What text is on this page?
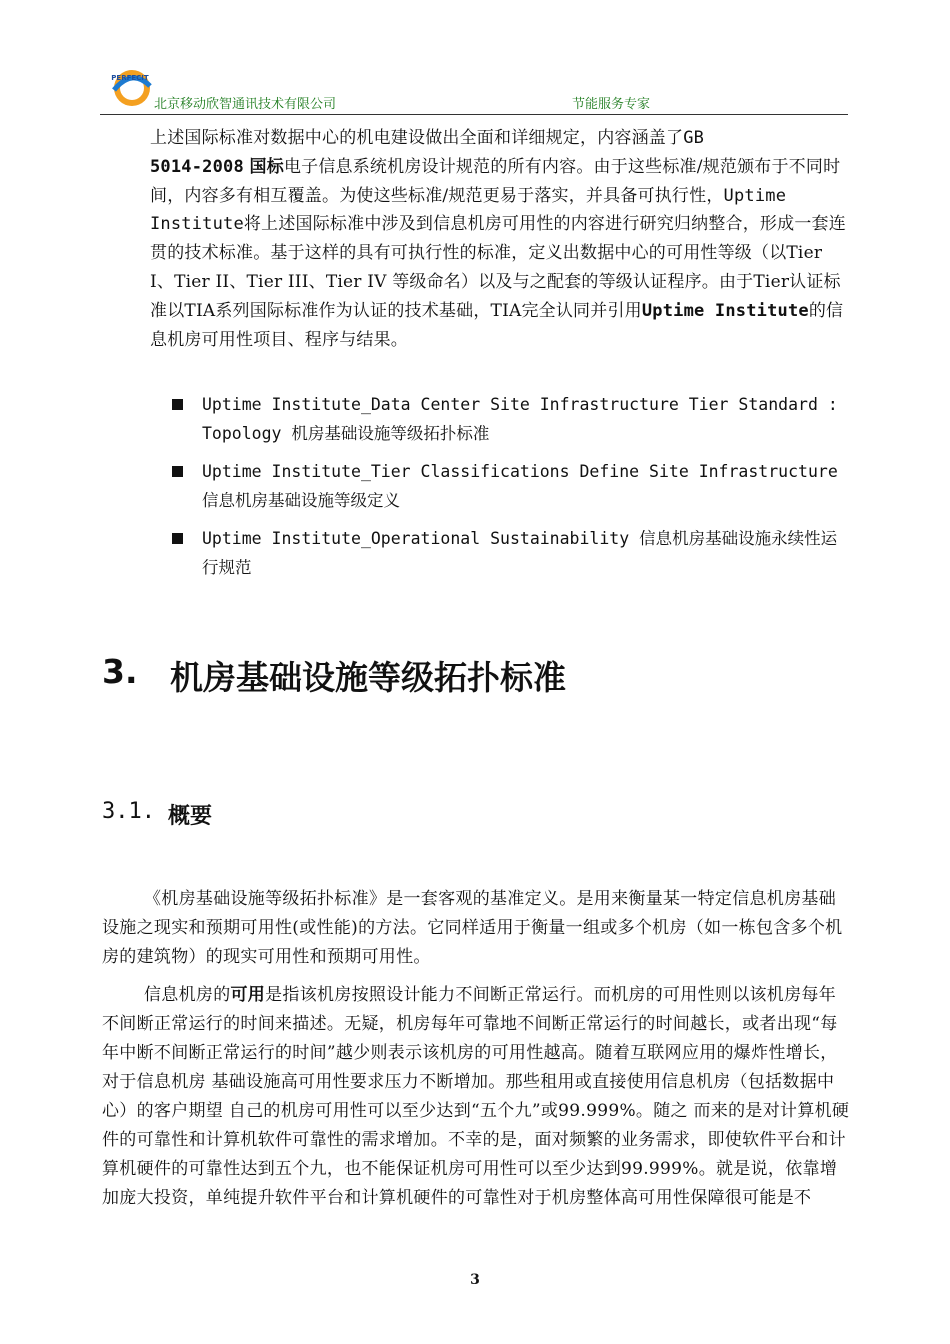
PERFECIT
北京移动欣智通讯技术有限公司	节能服务专家
上述国际标准对数据中心的机电建设做出全面和详细规定，内容涵盖了GB
5014-2008 国标电子信息系统机房设计规范的所有内容。由于这些标准/规范颁布于不同时间，内容多有相互覆盖。为使这些标准/规范更易于落实，并具备可执行性，Uptime Institute将上述国际标准中涉及到信息机房可用性的内容进行研究归纳整合，形成一套连贯的技术标准。基于这样的具有可执行性的标准，定义出数据中心的可用性等级（以Tier I、Tier II、Tier III、Tier IV 等级命名）以及与之配套的等级认证程序。由于Tier认证标准以TIA系列国际标准作为认证的技术基础，TIA完全认同并引用Uptime Institute的信息机房可用性项目、程序与结果。
Uptime Institute_Data Center Site Infrastructure Tier Standard : Topology 机房基础设施等级拓扑标准
Uptime Institute_Tier Classifications Define Site Infrastructure 信息机房基础设施等级定义
Uptime Institute_Operational Sustainability 信息机房基础设施永续性运行规范
3. 机房基础设施等级拓扑标准
3.1. 概要
《机房基础设施等级拓扑标准》是一套客观的基准定义。是用来衡量某一特定信息机房基础设施之现实和预期可用性(或性能)的方法。它同样适用于衡量一组或多个机房（如一栋包含多个机房的建筑物）的现实可用性和预期可用性。
信息机房的可用是指该机房按照设计能力不间断正常运行。而机房的可用性则以该机房每年不间断正常运行的时间来描述。无疑，机房每年可靠地不间断正常运行的时间越长，或者出现“每年中断不间断正常运行的时间”越少则表示该机房的可用性越高。随着互联网应用的爆炸性增长，对于信息机房 基础设施高可用性要求压力不断增加。那些租用或直接使用信息机房（包括数据中心）的客户期望 自己的机房可用性可以至少达到“五个九”或99.999%。随之 而来的是对计算机硬件的可靠性和计算机软件可靠性的需求增加。不幸的是，面对频繁的业务需求，即使软件平台和计算机硬件的可靠性达到五个九，也不能保证机房可用性可以至少达到99.999%。就是说，依靠增加庞大投资，单纯提升软件平台和计算机硬件的可靠性对于机房整体高可用性保障很可能是不
3
